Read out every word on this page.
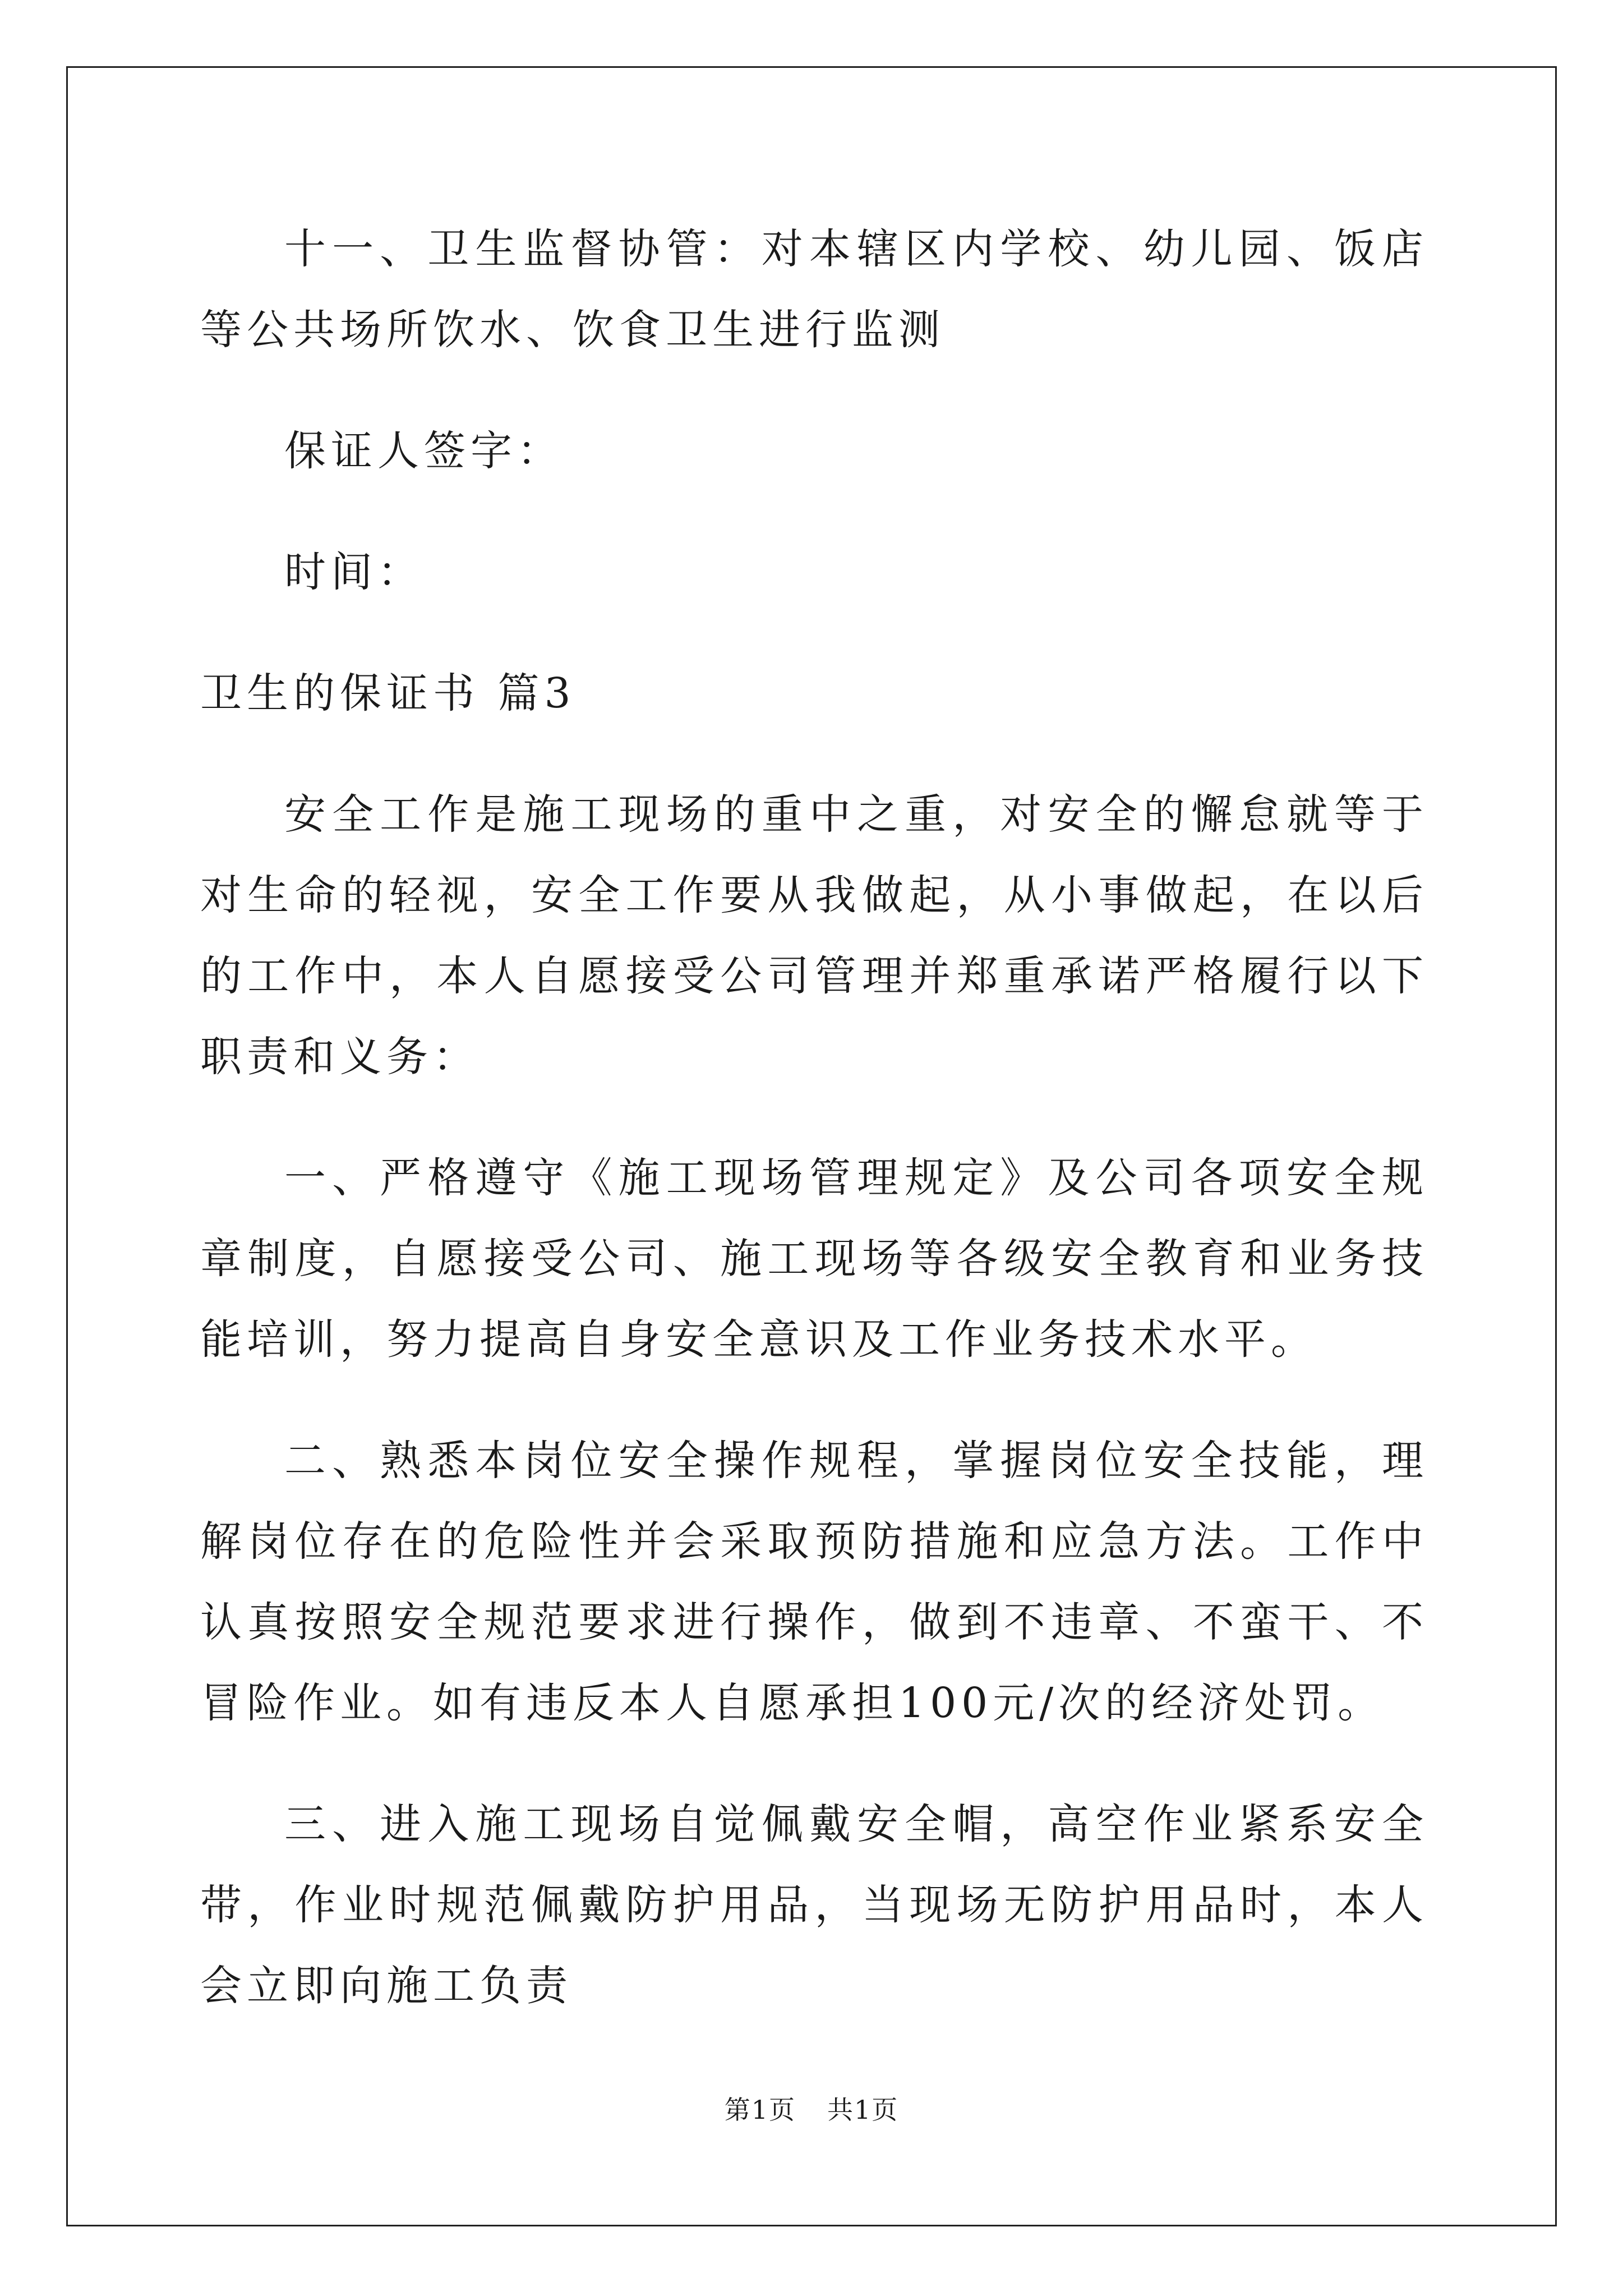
十一、卫生监督协管：对本辖区内学校、幼儿园、饭店等公共场所饮水、饮食卫生进行监测

保证人签字：

时间：

卫生的保证书 篇3

安全工作是施工现场的重中之重，对安全的懈怠就等于对生命的轻视，安全工作要从我做起，从小事做起，在以后的工作中，本人自愿接受公司管理并郑重承诺严格履行以下职责和义务：

一、严格遵守《施工现场管理规定》及公司各项安全规章制度，自愿接受公司、施工现场等各级安全教育和业务技能培训，努力提高自身安全意识及工作业务技术水平。

二、熟悉本岗位安全操作规程，掌握岗位安全技能，理解岗位存在的危险性并会采取预防措施和应急方法。工作中认真按照安全规范要求进行操作，做到不违章、不蛮干、不冒险作业。如有违反本人自愿承担100元/次的经济处罚。

三、进入施工现场自觉佩戴安全帽，高空作业紧系安全带，作业时规范佩戴防护用品，当现场无防护用品时，本人会立即向施工负责

第1页 共1页
